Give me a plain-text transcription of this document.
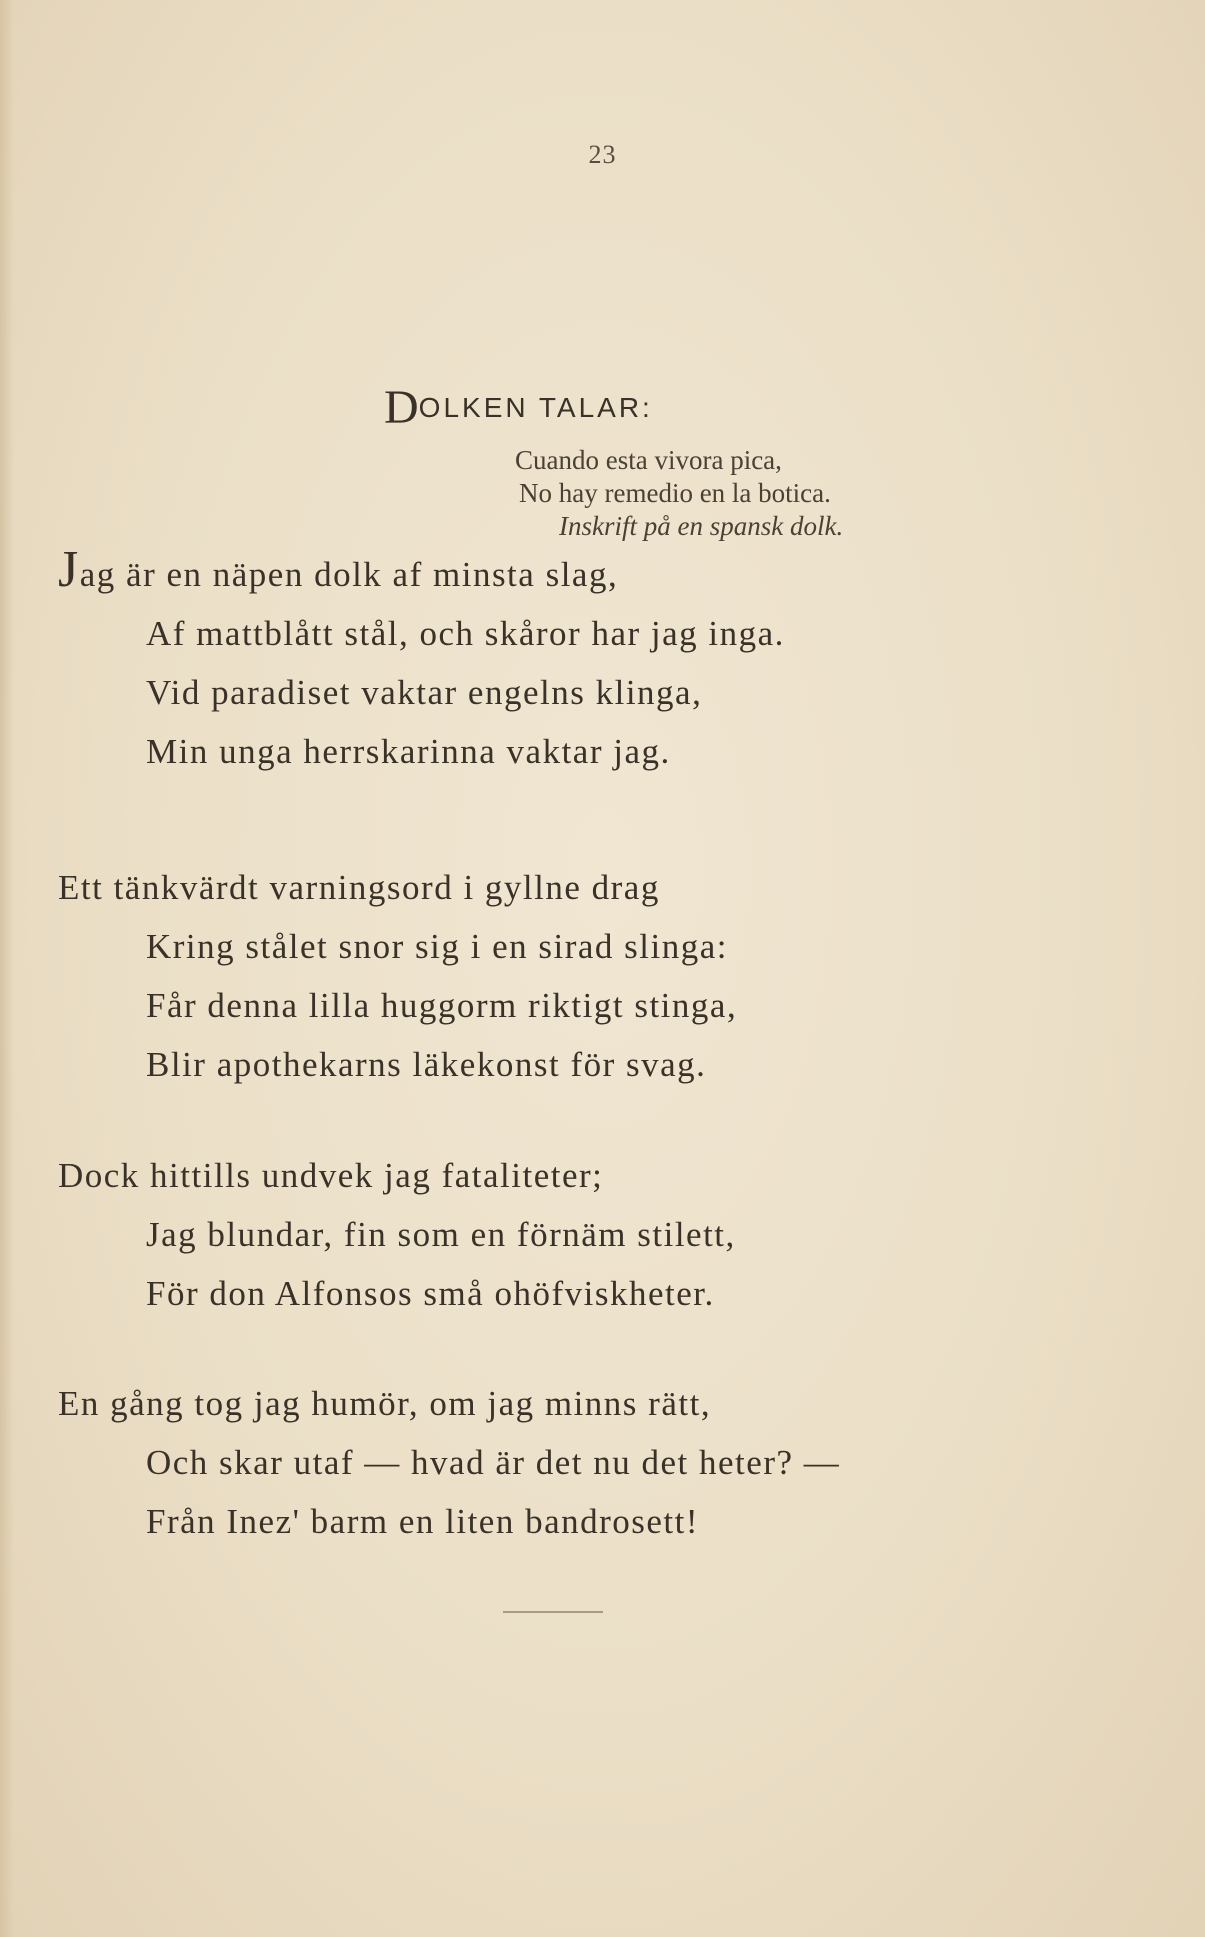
23
DOLKEN TALAR:
Cuando esta vivora pica,
No hay remedio en la botica.
Inskrift på en spansk dolk.
Jag är en näpen dolk af minsta slag,
Af mattblått stål, och skåror har jag inga.
Vid paradiset vaktar engelns klinga,
Min unga herrskarinna vaktar jag.
Ett tänkvärdt varningsord i gyllne drag
Kring stålet snor sig i en sirad slinga:
Får denna lilla huggorm riktigt stinga,
Blir apothekarns läkekonst för svag.
Dock hittills undvek jag fataliteter;
Jag blundar, fin som en förnäm stilett,
För don Alfonsos små ohöfviskheter.
En gång tog jag humör, om jag minns rätt,
Och skar utaf — hvad är det nu det heter? —
Från Inez' barm en liten bandrosett!
